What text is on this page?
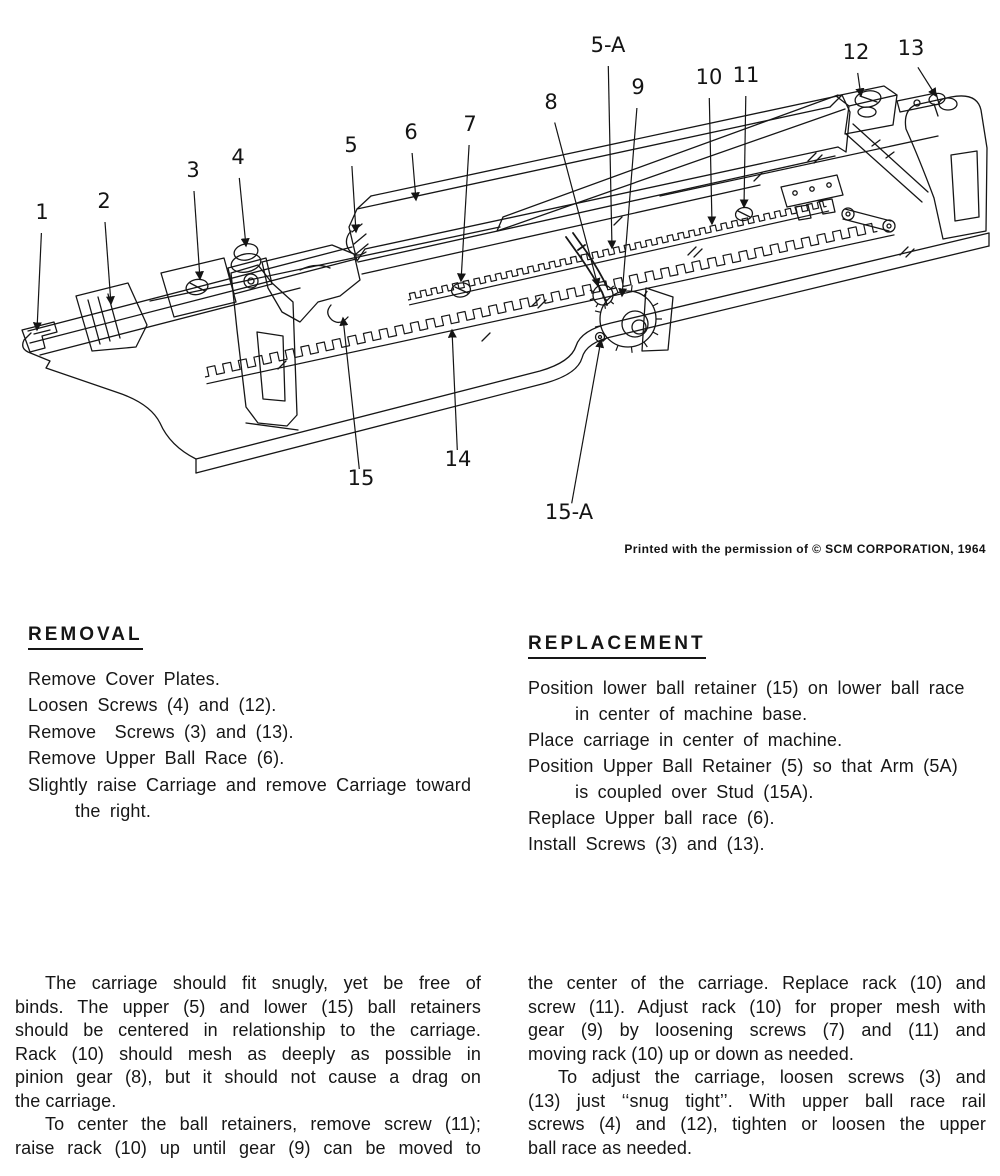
1 2
3
4	5
6 7
8
5-A
9 10 11
12 13
14
15
15-A
Printed with the permission of © SCM CORPORATION, 1964
REMOVAL
Remove Cover Plates.
Loosen Screws (4) and (12).
Remove  Screws (3) and (13).
Remove Upper Ball Race (6).
Slightly raise Carriage and remove Carriage toward
the right.
REPLACEMENT
Position lower ball retainer (15) on lower ball race
in center of machine base.
Place carriage in center of machine.
Position Upper Ball Retainer (5) so that Arm (5A)
is coupled over Stud (15A).
Replace Upper ball race (6).
Install Screws (3) and (13).
The carriage should fit snugly, yet be free of
binds. The upper (5) and lower (15) ball retainers
should be centered in relationship to the carriage.
Rack (10) should mesh as deeply as possible in
pinion gear (8), but it should not cause a drag on
the carriage.
To center the ball retainers, remove screw (11);
raise rack (10) up until gear (9) can be moved to
the center of the carriage. Replace rack (10) and
screw (11). Adjust rack (10) for proper mesh with
gear (9) by loosening screws (7) and (11) and
moving rack (10) up or down as needed.
To adjust the carriage, loosen screws (3) and
(13) just ‘‘snug tight’’. With upper ball race rail
screws (4) and (12), tighten or loosen the upper
ball race as needed.
